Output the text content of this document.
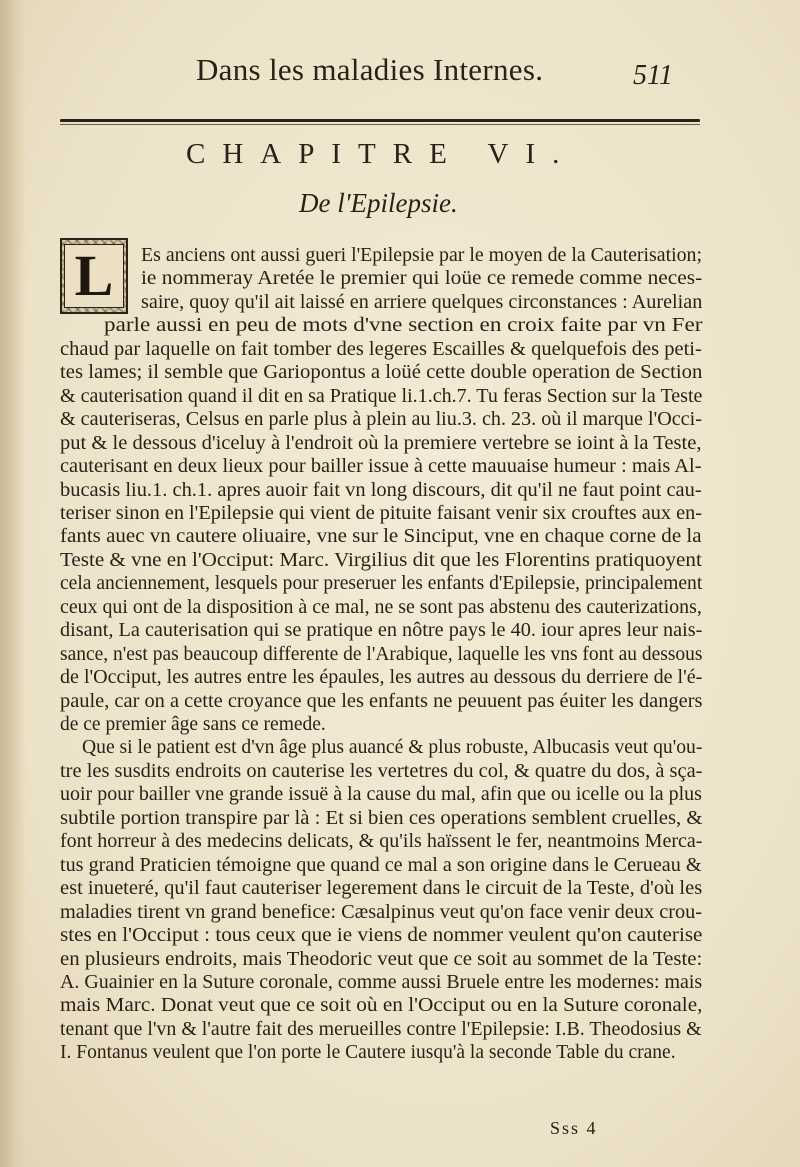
Dans les maladies Internes.	511
CHAPITRE VI.
De l'Epilepsie.
L	Es anciens ont aussi gueri l'Epilepsie par le moyen de la Cauterisation;
ie nommeray Aretée le premier qui loüe ce remede comme neces-
saire, quoy qu'il ait laissé en arriere quelques circonstances : Aurelian
parle aussi en peu de mots d'vne section en croix faite par vn Fer
chaud par laquelle on fait tomber des legeres Escailles & quelquefois des peti-
tes lames; il semble que Gariopontus a loüé cette double operation de Section
& cauterisation quand il dit en sa Pratique li.1.ch.7. Tu feras Section sur la Teste
& cauteriseras, Celsus en parle plus à plein au liu.3. ch. 23. où il marque l'Occi-
put & le dessous d'iceluy à l'endroit où la premiere vertebre se ioint à la Teste,
cauterisant en deux lieux pour bailler issue à cette mauuaise humeur : mais Al-
bucasis liu.1. ch.1. apres auoir fait vn long discours, dit qu'il ne faut point cau-
teriser sinon en l'Epilepsie qui vient de pituite faisant venir six crouftes aux en-
fants auec vn cautere oliuaire, vne sur le Sinciput, vne en chaque corne de la
Teste & vne en l'Occiput: Marc. Virgilius dit que les Florentins pratiquoyent
cela anciennement, lesquels pour preseruer les enfants d'Epilepsie, principalement
ceux qui ont de la disposition à ce mal, ne se sont pas abstenu des cauterizations,
disant, La cauterisation qui se pratique en nôtre pays le 40. iour apres leur nais-
sance, n'est pas beaucoup differente de l'Arabique, laquelle les vns font au dessous
de l'Occiput, les autres entre les épaules, les autres au dessous du derriere de l'é-
paule, car on a cette croyance que les enfants ne peuuent pas éuiter les dangers
de ce premier âge sans ce remede.
Que si le patient est d'vn âge plus auancé & plus robuste, Albucasis veut qu'ou-
tre les susdits endroits on cauterise les vertetres du col, & quatre du dos, à sça-
uoir pour bailler vne grande issuë à la cause du mal, afin que ou icelle ou la plus
subtile portion transpire par là : Et si bien ces operations semblent cruelles, &
font horreur à des medecins delicats, & qu'ils haïssent le fer, neantmoins Merca-
tus grand Praticien témoigne que quand ce mal a son origine dans le Cerueau &
est inueteré, qu'il faut cauteriser legerement dans le circuit de la Teste, d'où les
maladies tirent vn grand benefice: Cæsalpinus veut qu'on face venir deux crou-
stes en l'Occiput : tous ceux que ie viens de nommer veulent qu'on cauterise
en plusieurs endroits, mais Theodoric veut que ce soit au sommet de la Teste:
A. Guainier en la Suture coronale, comme aussi Bruele entre les modernes: mais
mais Marc. Donat veut que ce soit où en l'Occiput ou en la Suture coronale,
tenant que l'vn & l'autre fait des merueilles contre l'Epilepsie: I.B. Theodosius &
I. Fontanus veulent que l'on porte le Cautere iusqu'à la seconde Table du crane.
Sss 4
